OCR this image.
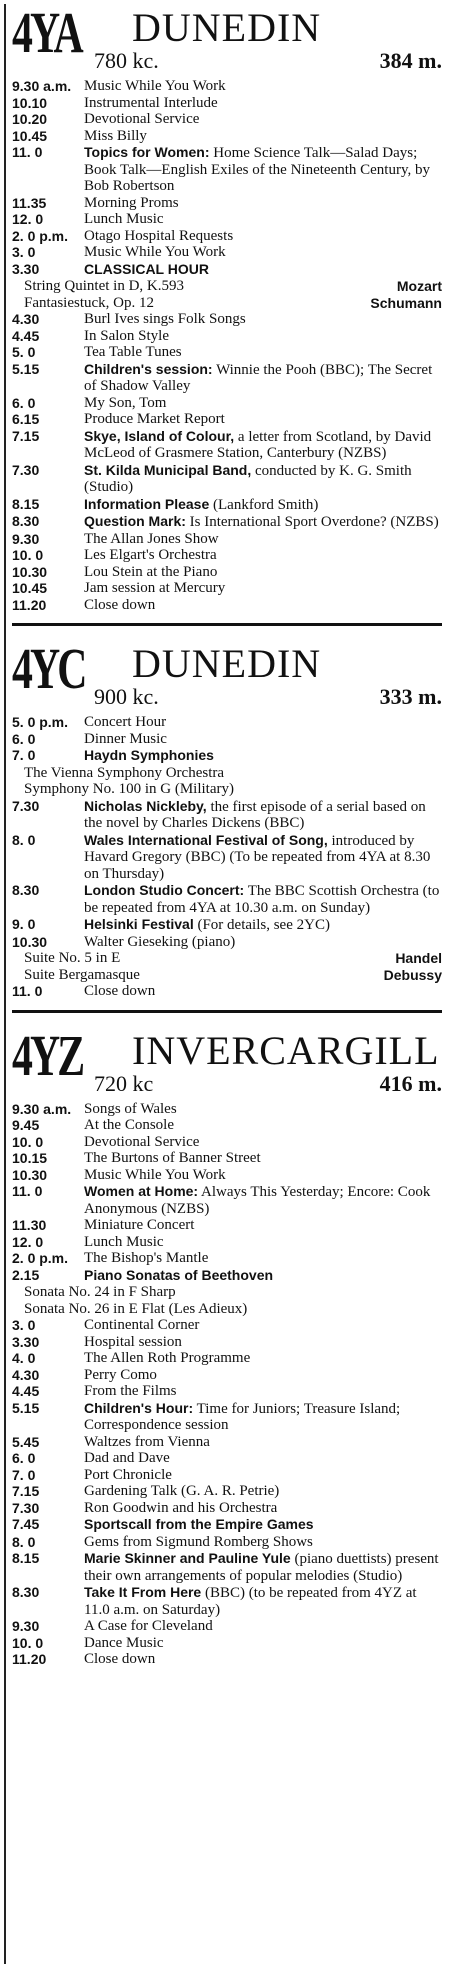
4YA DUNEDIN
780 kc.	384 m.
9.30 a.m. Music While You Work
10.10	Instrumental Interlude
10.20	Devotional Service
10.45	Miss Billy
11. 0	Topics for Women: Home Science Talk—Salad Days; Book Talk—English Exiles of the Nineteenth Century, by Bob Robertson
11.35	Morning Proms
12. 0	Lunch Music
2. 0 p.m.	Otago Hospital Requests
3. 0	Music While You Work
3.30	CLASSICAL HOUR
String Quintet in D, K.593	Mozart
Fantasiestuck, Op. 12	Schumann
4.30	Burl Ives sings Folk Songs
4.45	In Salon Style
5. 0	Tea Table Tunes
5.15	Children's session: Winnie the Pooh (BBC); The Secret of Shadow Valley
6. 0	My Son, Tom
6.15	Produce Market Report
7.15	Skye, Island of Colour, a letter from Scotland, by David McLeod of Grasmere Station, Canterbury (NZBS)
7.30	St. Kilda Municipal Band, conducted by K. G. Smith (Studio)
8.15	Information Please (Lankford Smith)
8.30	Question Mark: Is International Sport Overdone? (NZBS)
9.30	The Allan Jones Show
10. 0	Les Elgart's Orchestra
10.30	Lou Stein at the Piano
10.45	Jam session at Mercury
11.20	Close down
4YC DUNEDIN
900 kc.	333 m.
5. 0 p.m.	Concert Hour
6. 0	Dinner Music
7. 0	Haydn Symphonies
The Vienna Symphony Orchestra
Symphony No. 100 in G (Military)
7.30	Nicholas Nickleby, the first episode of a serial based on the novel by Charles Dickens (BBC)
8. 0	Wales International Festival of Song, introduced by Havard Gregory (BBC) (To be repeated from 4YA at 8.30 on Thursday)
8.30	London Studio Concert: The BBC Scottish Orchestra (to be repeated from 4YA at 10.30 a.m. on Sunday)
9. 0	Helsinki Festival (For details, see 2YC)
10.30	Walter Gieseking (piano)
Suite No. 5 in E	Handel
Suite Bergamasque	Debussy
11. 0	Close down
4YZ INVERCARGILL
720 kc	416 m.
9.30 a.m. Songs of Wales
9.45	At the Console
10. 0	Devotional Service
10.15	The Burtons of Banner Street
10.30	Music While You Work
11. 0	Women at Home: Always This Yesterday; Encore: Cook Anonymous (NZBS)
11.30	Miniature Concert
12. 0	Lunch Music
2. 0 p.m.	The Bishop's Mantle
2.15	Piano Sonatas of Beethoven
Sonata No. 24 in F Sharp
Sonata No. 26 in E Flat (Les Adieux)
3. 0	Continental Corner
3.30	Hospital session
4. 0	The Allen Roth Programme
4.30	Perry Como
4.45	From the Films
5.15	Children's Hour: Time for Juniors; Treasure Island; Correspondence session
5.45	Waltzes from Vienna
6. 0	Dad and Dave
7. 0	Port Chronicle
7.15	Gardening Talk (G. A. R. Petrie)
7.30	Ron Goodwin and his Orchestra
7.45	Sportscall from the Empire Games
8. 0	Gems from Sigmund Romberg Shows
8.15	Marie Skinner and Pauline Yule (piano duettists) present their own arrangements of popular melodies (Studio)
8.30	Take It From Here (BBC) (to be repeated from 4YZ at 11.0 a.m. on Saturday)
9.30	A Case for Cleveland
10. 0	Dance Music
11.20	Close down
